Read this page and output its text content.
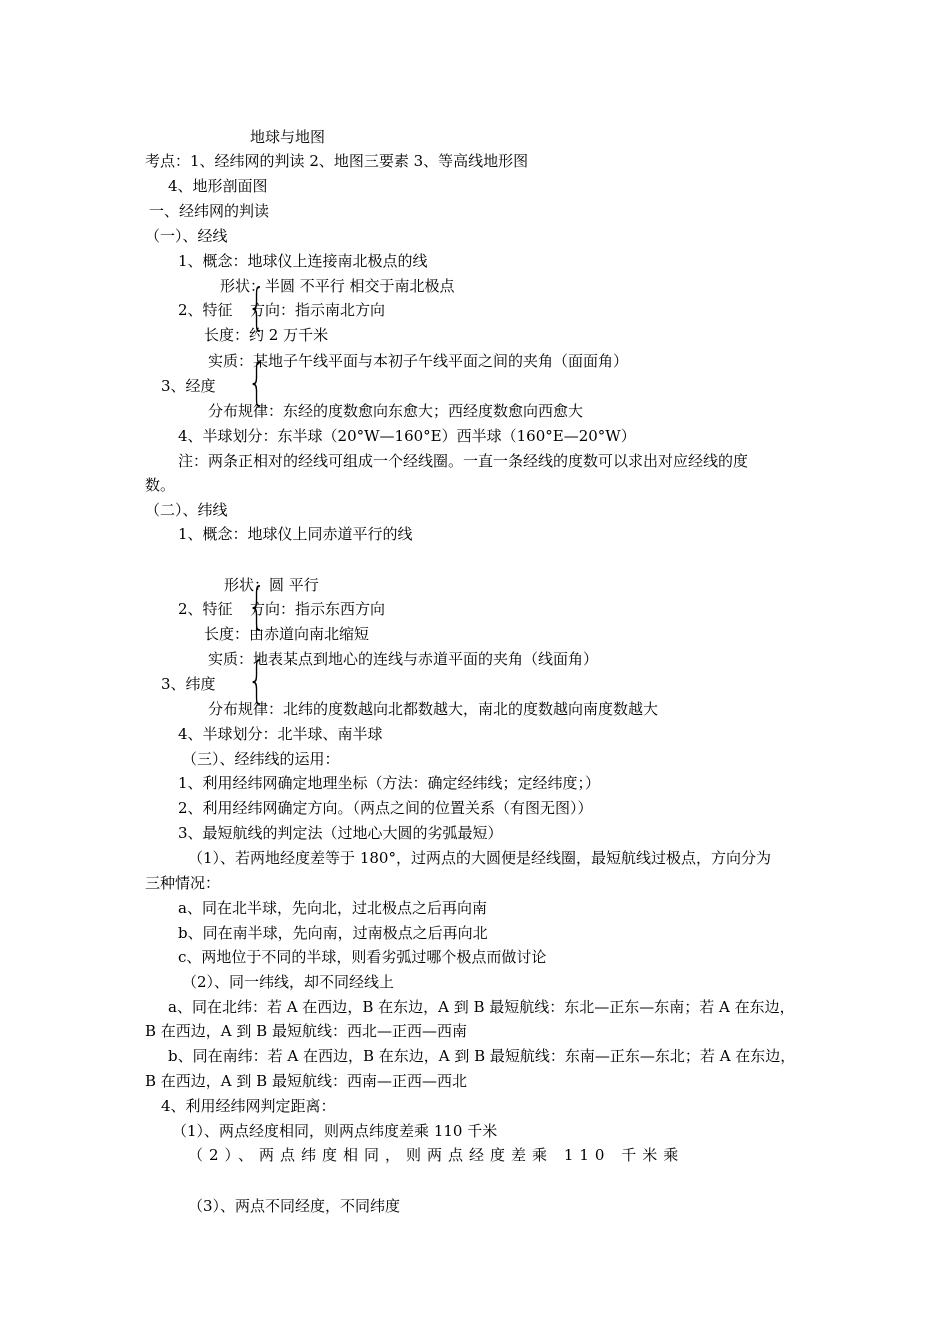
地球与地图
考点：1、经纬网的判读 2、地图三要素 3、等高线地形图
4、地形剖面图
一、经纬网的判读
（一）、经线
1、概念：地球仪上连接南北极点的线
形状：半圆 不平行 相交于南北极点
2、特征 方向：指示南北方向
长度：约 2 万千米
实质：某地子午线平面与本初子午线平面之间的夹角（面面角）
3、经度
分布规律：东经的度数愈向东愈大；西经度数愈向西愈大
4、半球划分：东半球（20°W—160°E）西半球（160°E—20°W）
注：两条正相对的经线可组成一个经线圈。一直一条经线的度数可以求出对应经线的度
数。
{
{
（二）、纬线
1、概念：地球仪上同赤道平行的线
形状：圆 平行
2、特征 方向：指示东西方向
长度：由赤道向南北缩短
实质：地表某点到地心的连线与赤道平面的夹角（线面角）
3、纬度
分布规律：北纬的度数越向北都数越大，南北的度数越向南度数越大
4、半球划分：北半球、南半球
{
{
（三）、经纬线的运用：
1、利用经纬网确定地理坐标（方法：确定经纬线；定经纬度；）
2、利用经纬网确定方向。（两点之间的位置关系（有图无图））
3、最短航线的判定法（过地心大圆的劣弧最短）
（1）、若两地经度差等于 180°，过两点的大圆便是经线圈，最短航线过极点，方向分为
三种情况：
a、同在北半球，先向北，过北极点之后再向南
b、同在南半球，先向南，过南极点之后再向北
c、两地位于不同的半球，则看劣弧过哪个极点而做讨论
（2）、同一纬线，却不同经线上
a、同在北纬：若 A 在西边，B 在东边，A 到 B 最短航线：东北—正东—东南；若 A 在东边，
B 在西边，A 到 B 最短航线：西北—正西—西南
b、同在南纬：若 A 在西边，B 在东边，A 到 B 最短航线：东南—正东—东北；若 A 在东边，
B 在西边，A 到 B 最短航线：西南—正西—西北
4、利用经纬网判定距离：
（1）、两点经度相同，则两点纬度差乘 110 千米
（2）、两点纬度相同，则两点经度差乘 110 千米乘
（3）、两点不同经度，不同纬度
